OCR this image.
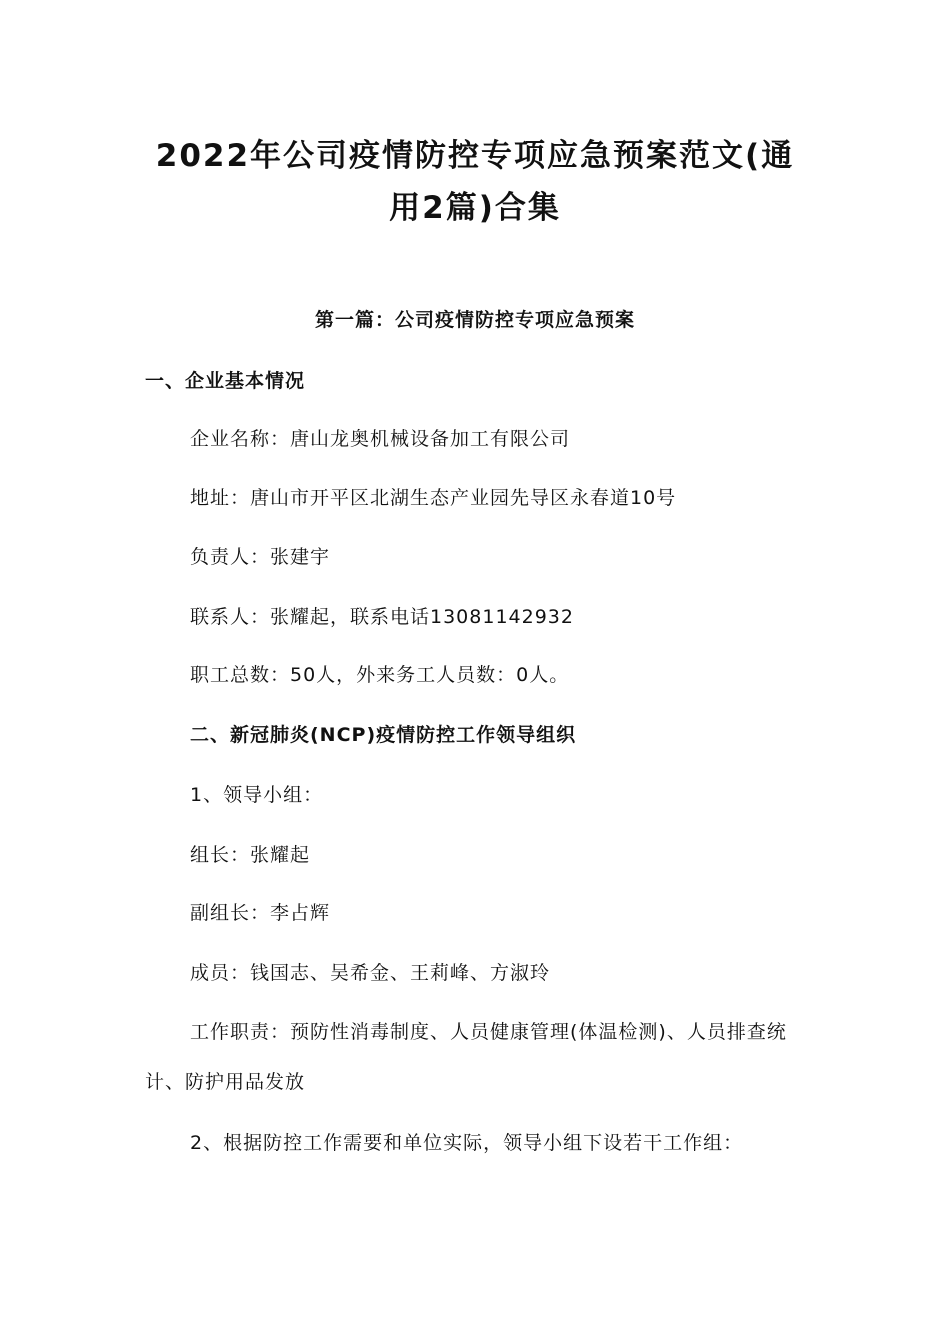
2022年公司疫情防控专项应急预案范文(通用2篇)合集
第一篇：公司疫情防控专项应急预案
一、企业基本情况
企业名称：唐山龙奥机械设备加工有限公司
地址：唐山市开平区北湖生态产业园先导区永春道10号
负责人：张建宇
联系人：张耀起，联系电话13081142932
职工总数：50人，外来务工人员数：0人。
二、新冠肺炎(NCP)疫情防控工作领导组织
1、领导小组：
组长：张耀起
副组长：李占辉
成员：钱国志、吴希金、王莉峰、方淑玲
工作职责：预防性消毒制度、人员健康管理(体温检测)、人员排查统计、防护用品发放
2、根据防控工作需要和单位实际，领导小组下设若干工作组：
